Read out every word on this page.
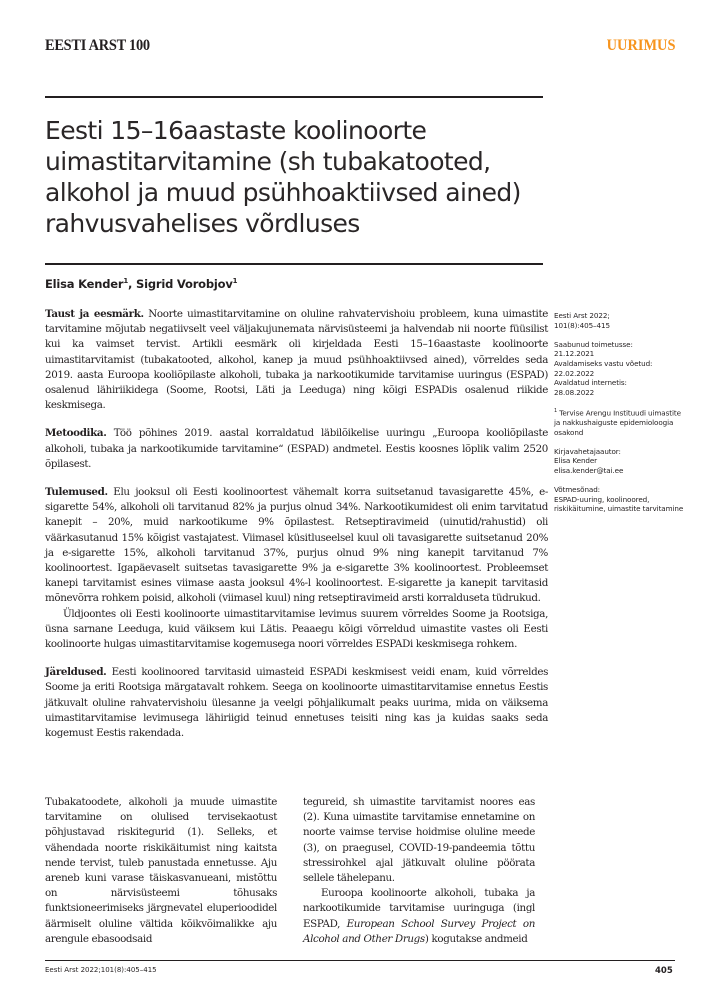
EESTI ARST 100	UURIMUS
Eesti 15–16aastaste koolinoorte uimastitarvitamine (sh tubakatooted, alkohol ja muud psühhoaktiivsed ained) rahvusvahelises võrdluses
Elisa Kender$^1$, Sigrid Vorobjov$^1$

Taust ja eesmärk. Noorte uimastitarvitamine on oluline rahvatervishoiu probleem, kuna uimastite tarvitamine mõjutab negatiivselt veel väljakujunemata närvisüsteemi ja halvendab nii noorte füüsilist kui ka vaimset tervist. Artikli eesmärk oli kirjeldada Eesti 15–16aastaste koolinoorte uimastitarvitamist (tubakatooted, alkohol, kanep ja muud psühhoaktiivsed ained), võrreldes seda 2019. aasta Euroopa kooliõpilaste alkoholi, tubaka ja narkootikumide tarvitamise uuringus (ESPAD) osalenud lähiriikidega (Soome, Rootsi, Läti ja Leeduga) ning kõigi ESPADis osalenud riikide keskmisega.

Metoodika. Töö põhines 2019. aastal korraldatud läbilõikelise uuringu „Euroopa kooliõpilaste alkoholi, tubaka ja narkootikumide tarvitamine“ (ESPAD) andmetel. Eestis koosnes lõplik valim 2520 õpilasest.

Tulemused. Elu jooksul oli Eesti koolinoortest vähemalt korra suitsetanud tavasigarette 45%, e-sigarette 54%, alkoholi oli tarvitanud 82% ja purjus olnud 34%. Narkootikumidest oli enim tarvitatud kanepit – 20%, muid narkootikume 9% õpilastest. Retseptiravimeid (uinutid/rahustid) oli väärkasutanud 15% kõigist vastajatest. Viimasel küsitluseelsel kuul oli tavasigarette suitsetanud 20% ja e-sigarette 15%, alkoholi tarvitanud 37%, purjus olnud 9% ning kanepit tarvitanud 7% koolinoortest. Igapäevaselt suitsetas tavasigarette 9% ja e-sigarette 3% koolinoortest. Probleemset kanepi tarvitamist esines viimase aasta jooksul 4%-l koolinoortest. E-sigarette ja kanepit tarvitasid mõnevõrra rohkem poisid, alkoholi (viimasel kuul) ning retseptiravimeid arsti korralduseta tüdrukud.

Üldjoontes oli Eesti koolinoorte uimastitarvitamise levimus suurem võrreldes Soome ja Rootsiga, üsna sarnane Leeduga, kuid väiksem kui Lätis. Peaaegu kõigi võrreldud uimastite vastes oli Eesti koolinoorte hulgas uimastitarvitamise kogemusega noori võrreldes ESPADi keskmisega rohkem.

Järeldused. Eesti koolinoored tarvitasid uimasteid ESPADi keskmisest veidi enam, kuid võrreldes Soome ja eriti Rootsiga märgatavalt rohkem. Seega on koolinoorte uimastitarvitamise ennetus Eestis jätkuvalt oluline rahvatervishoiu ülesanne ja veelgi põhjalikumalt peaks uurima, mida on väiksema uimastitarvitamise levimusega lähiriigid teinud ennetuses teisiti ning kas ja kuidas saaks seda kogemust Eestis rakendada.

Eesti Arst 2022;
101(8):405–415
Saabunud toimetusse:
21.12.2021
Avaldamiseks vastu võetud:
22.02.2022
Avaldatud internetis:
28.08.2022
$^1$ Tervise Arengu Instituudi uimastite ja nakkushaiguste epidemioloogia osakond
Kirjavahetajaautor:
Elisa Kender
elisa.kender@tai.ee
Võtmesõnad:
ESPAD-uuring, koolinoored, riskikäitumine, uimastite tarvitamine

Tubakatoodete, alkoholi ja muude uimastite tarvitamine on olulised tervisekaotust põhjustavad riskitegurid (1). Selleks, et vähendada noorte riskikäitumist ning kaitsta nende tervist, tuleb panustada ennetusse. Aju areneb kuni varase täiskasvanueani, mistõttu on närvisüsteemi tõhusaks funktsioneerimiseks järgnevatel eluperioodidel äärmiselt oluline vältida kõikvõimalikke aju arengule ebasoodsaid

tegureid, sh uimastite tarvitamist noores eas (2). Kuna uimastite tarvitamise ennetamine on noorte vaimse tervise hoidmise oluline meede (3), on praegusel, COVID-19-pandeemia tõttu stressirohkel ajal jätkuvalt oluline pöörata sellele tähelepanu.

Euroopa koolinoorte alkoholi, tubaka ja narkootikumide tarvitamise uuringuga (ingl ESPAD, European School Survey Project on Alcohol and Other Drugs) kogutakse andmeid

Eesti Arst 2022;101(8):405–415	405
